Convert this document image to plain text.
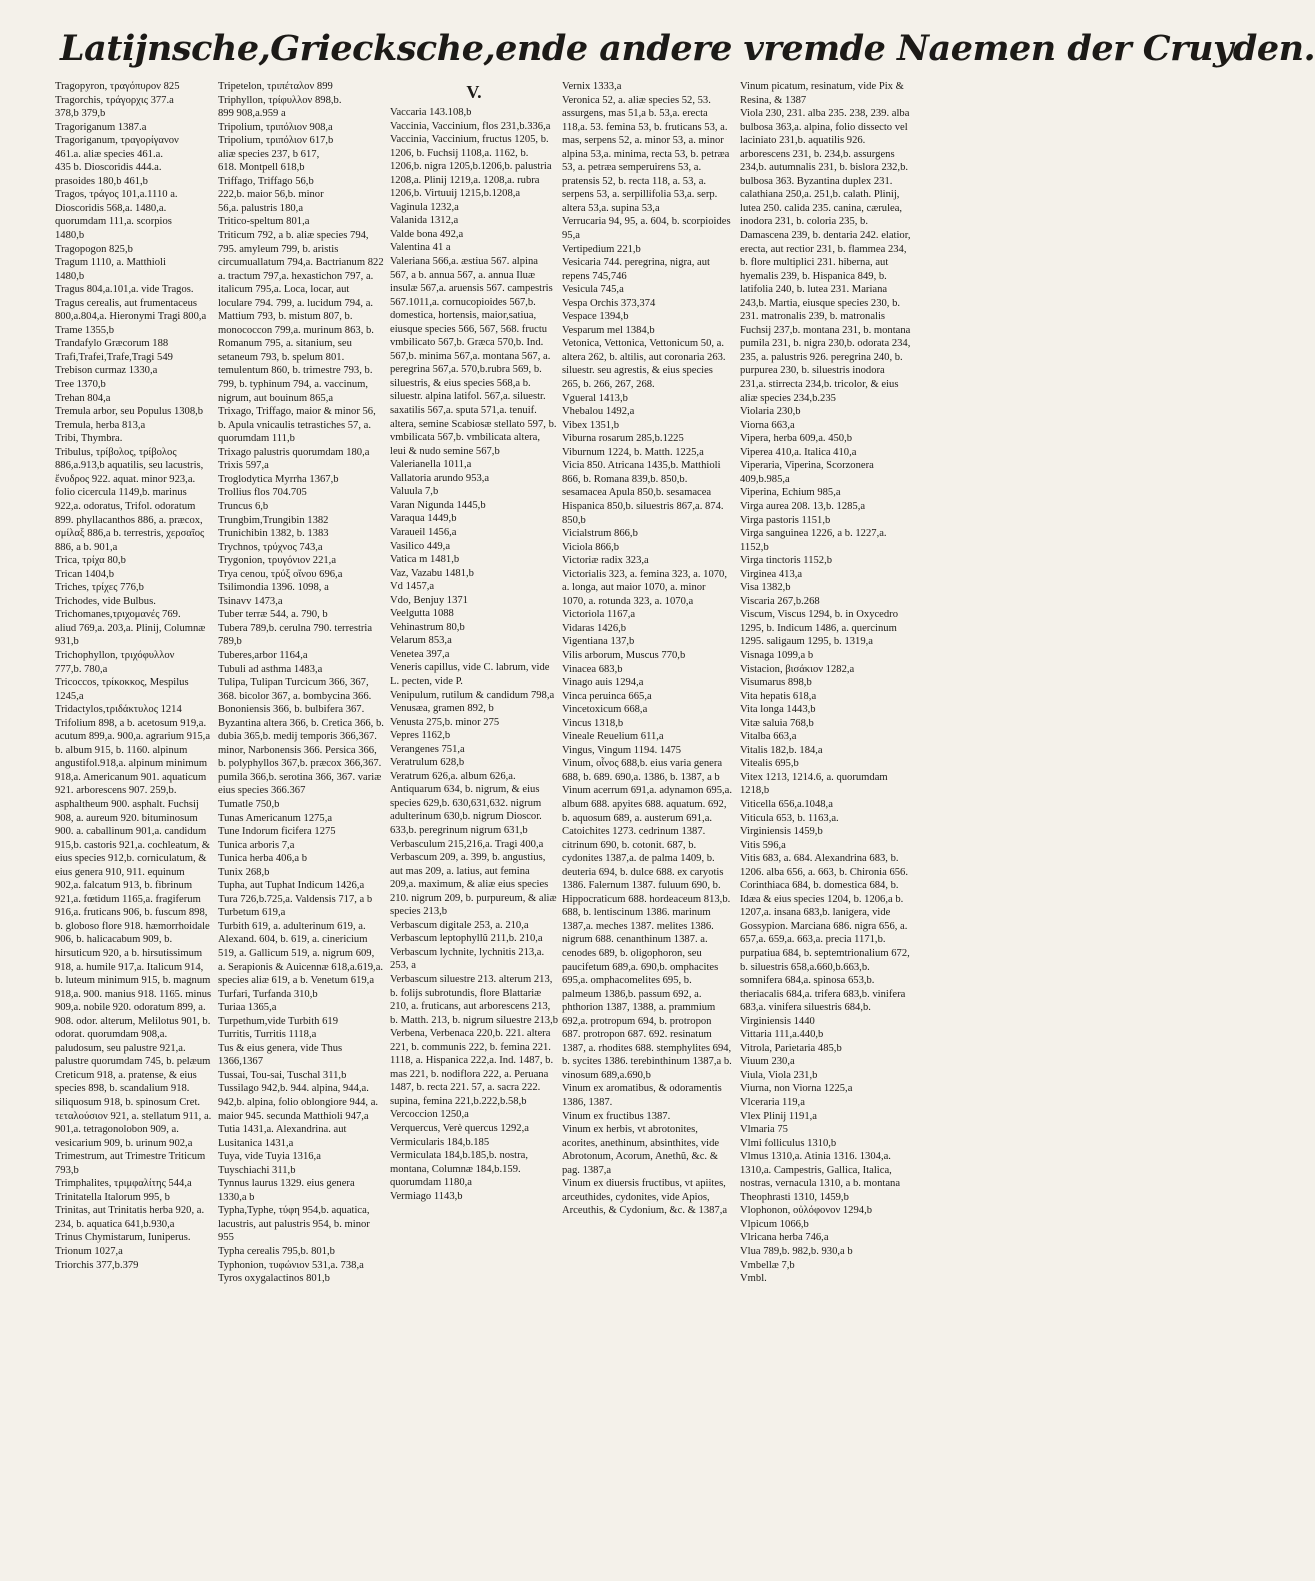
Latijnsche,Griecksche,ende andere vremde Naemen der Cruyden.

Tragopyron, τραγόπυρον 825

Tragorchis, τράγορχις 377.a

378,b 379,b

Tragoriganum 1387.a

Tragoriganum, τραγορίγανον

461.a. aliæ species 461.a.

435 b. Dioscoridis 444.a.

prasoides 180,b 461,b

Tragos, τράγος 101,a.1110 a.

Dioscoridis 568,a. 1480,a.

quorumdam 111,a. scorpios

1480,b

Tragopogon 825,b

Tragum 1110, a. Matthioli

1480,b

Tragus 804,a.101,a. vide Tragos.

Tragus cerealis, aut frumentaceus 800,a.804,a. Hieronymi Tragi 800,a

Trame 1355,b

Trandafylo Græcorum 188

Trafi,Trafei,Trafe,Tragi 549

Trebison curmaz 1330,a

Tree 1370,b

Trehan 804,a

Tremula arbor, seu Populus 1308,b

Tremula, herba 813,a

Tribi, Thymbra.

Tribulus, τρίβολος, τρίβολος

886,a.913,b aquatilis, seu lacustris, ἔνυδρος 922. aquat. minor 923,a. folio cicercula 1149,b. marinus 922,a. odoratus, Trifol. odoratum 899. phyllacanthos 886, a. præcox, σμίλαξ 886,a b. terrestris, χερσαῖος 886, a b. 901,a

Trica, τρίχα 80,b

Trican 1404,b

Triches, τρίχες 776,b

Trichodes, vide Bulbus.

Trichomanes,τριχομανές 769.

aliud 769,a. 203,a. Plinij, Columnæ 931,b

Trichophyllon, τριχόφυλλον

777,b. 780,a

Tricoccos, τρίκοκκος, Mespilus 1245,a

Tridactylos,τριδάκτυλος 1214

Trifolium 898, a b. acetosum 919,a. acutum 899,a. 900,a. agrarium 915,a b. album 915, b. 1160. alpinum angustifol.918,a. alpinum minimum 918,a. Americanum 901. aquaticum 921. arborescens 907. 259,b. asphaltheum 900. asphalt. Fuchsij 908, a. aureum 920. bituminosum 900. a. caballinum 901,a. candidum 915,b. castoris 921,a. cochleatum, & eius species 912,b. corniculatum, & eius genera 910, 911. equinum 902,a. falcatum 913, b. fibrinum 921,a. fœtidum 1165,a. fragiferum 916,a. fruticans 906, b. fuscum 898, b. globoso flore 918. hæmorrhoidale 906, b. halicacabum 909, b. hirsuticum 920, a b. hirsutissimum 918, a. humile 917,a. Italicum 914, b. luteum minimum 915, b. magnum 918,a. 900. manius 918. 1165. minus 909,a. nobile 920. odoratum 899, a. 908. odor. alterum, Melilotus 901, b. odorat. quorumdam 908,a. paludosum, seu palustre 921,a. palustre quorumdam 745, b. pelæum Creticum 918, a. pratense, & eius species 898, b. scandalium 918. siliquosum 918, b. spinosum Cret. τεταλούσιον 921, a. stellatum 911, a. 901,a. tetragonolobon 909, a. vesicarium 909, b. urinum 902,a

Trimestrum, aut Trimestre Triticum 793,b

Trimphalites, τριμφαλίτης 544,a

Trinitatella Italorum 995, b

Trinitas, aut Trinitatis herba 920, a. 234, b. aquatica 641,b.930,a

Trinus Chymistarum, Iuniperus.

Trionum 1027,a

Triorchis 377,b.379

Tripetelon, τριπέταλον 899

Triphyllon, τρίφυλλον 898,b.

899 908,a.959 a

Tripolium, τριπόλιον 908,a

Tripolium, τριπόλιον 617,b

aliæ species 237, b 617,

618. Montpell 618,b

Triffago, Triffago 56,b

222,b. maior 56,b. minor

56,a. palustris 180,a

Tritico-speltum 801,a

Triticum 792, a b. aliæ species 794, 795. amyleum 799, b. aristis circumuallatum 794,a. Bactrianum 822 a. tractum 797,a. hexastichon 797, a. italicum 795,a. Loca, locar, aut loculare 794. 799, a. lucidum 794, a. Mattium 793, b. mistum 807, b. monococcon 799,a. murinum 863, b. Romanum 795, a. sitanium, seu setaneum 793, b. spelum 801. temulentum 860, b. trimestre 793, b. 799, b. typhinum 794, a. vaccinum, nigrum, aut bouinum 865,a

Trixago, Triffago, maior & minor 56, b. Apula vnicaulis tetrastiches 57, a. quorumdam 111,b

Trixago palustris quorumdam 180,a

Trixis 597,a

Troglodytica Myrrha 1367,b

Trollius flos 704.705

Truncus 6,b

Trungbim,Trungibin 1382

Trunichibin 1382, b. 1383

Trychnos, τρύχνος 743,a

Trygonion, τρυγόνιον 221,a

Trya cenou, τρύξ οἴνου 696,a

Tsilimondia 1396. 1098, a

Tsinavv 1473,a

Tuber terræ 544, a. 790, b

Tubera 789,b. cerulna 790. terrestria 789,b

Tuberes,arbor 1164,a

Tubuli ad asthma 1483,a

Tulipa, Tulipan Turcicum 366, 367, 368. bicolor 367, a. bombycina 366. Bononiensis 366, b. bulbifera 367. Byzantina altera 366, b. Cretica 366, b. dubia 365,b. medij temporis 366,367. minor, Narbonensis 366. Persica 366, b. polyphyllos 367,b. præcox 366,367. pumila 366,b. serotina 366, 367. variæ eius species 366.367

Tumatle 750,b

Tunas Americanum 1275,a

Tune Indorum ficifera 1275

Tunica arboris 7,a

Tunica herba 406,a b

Tunix 268,b

Tupha, aut Tuphat Indicum 1426,a

Tura 726,b.725,a. Valdensis 717, a b

Turbetum 619,a

Turbith 619, a. adulterinum 619, a. Alexand. 604, b. 619, a. cinericium 519, a. Gallicum 519, a. nigrum 609, a. Serapionis & Auicennæ 618,a.619,a. species aliæ 619, a b. Venetum 619,a

Turfari, Turfanda 310,b

Turiaa 1365,a

Turpethum,vide Turbith 619

Turritis, Turritis 1118,a

Tus & eius genera, vide Thus 1366,1367

Tussai, Tou-sai, Tuschal 311,b

Tussilago 942,b. 944. alpina, 944,a. 942,b. alpina, folio oblongiore 944, a. maior 945. secunda Matthioli 947,a

Tutia 1431,a. Alexandrina. aut Lusitanica 1431,a

Tuya, vide Tuyia 1316,a

Tuyschiachi 311,b

Tynnus laurus 1329. eius genera 1330,a b

Typha,Typhe, τύφη 954,b. aquatica, lacustris, aut palustris 954, b. minor 955

Typha cerealis 795,b. 801,b

Typhonion, τυφώνιον 531,a. 738,a

Tyros oxygalactinos 801,b

V.

Vaccaria 143.108,b

Vaccinia, Vaccinium, flos 231,b.336,a

Vaccinia, Vaccinium, fructus 1205, b. 1206, b. Fuchsij 1108,a. 1162, b. 1206,b. nigra 1205,b.1206,b. palustria 1208,a. Plinij 1219,a. 1208,a. rubra 1206,b. Virtuuij 1215,b.1208,a

Vaginula 1232,a

Valanida 1312,a

Valde bona 492,a

Valentina 41 a

Valeriana 566,a. æstiua 567. alpina 567, a b. annua 567, a. annua Iluæ insulæ 567,a. aruensis 567. campestris 567.1011,a. cornucopioides 567,b. domestica, hortensis, maior,satiua, eiusque species 566, 567, 568. fructu vmbilicato 567,b. Græca 570,b. Ind. 567,b. minima 567,a. montana 567, a. peregrina 567,a. 570,b.rubra 569, b. siluestris, & eius species 568,a b. siluestr. alpina latifol. 567,a. siluestr. saxatilis 567,a. sputa 571,a. tenuif. altera, semine Scabiosæ stellato 597, b. vmbilicata 567,b. vmbilicata altera, leui & nudo semine 567,b

Valerianella 1011,a

Vallatoria arundo 953,a

Valuula 7,b

Varan Nigunda 1445,b

Varaqua 1449,b

Varaueil 1456,a

Vasilico 449,a

Vatica m 1481,b

Vaz, Vazabu 1481,b

Vd 1457,a

Vdo, Benjuy 1371

Veelgutta 1088

Vehinastrum 80,b

Velarum 853,a

Venetea 397,a

Veneris capillus, vide C. labrum, vide L. pecten, vide P.

Venipulum, rutilum & candidum 798,a

Venusæa, gramen 892, b

Venusta 275,b. minor 275

Vepres 1162,b

Verangenes 751,a

Veratrulum 628,b

Veratrum 626,a. album 626,a. Antiquarum 634, b. nigrum, & eius species 629,b. 630,631,632. nigrum adulterinum 630,b. nigrum Dioscor. 633,b. peregrinum nigrum 631,b

Verbasculum 215,216,a. Tragi 400,a

Verbascum 209, a. 399, b. angustius, aut mas 209, a. latius, aut femina 209,a. maximum, & aliæ eius species 210. nigrum 209, b. purpureum, & aliæ species 213,b

Verbascum digitale 253, a. 210,a

Verbascum leptophyllũ 211,b. 210,a

Verbascum lychnite, lychnitis 213,a. 253, a

Verbascum siluestre 213. alterum 213, b. folijs subrotundis, flore Blattariæ 210, a. fruticans, aut arborescens 213, b. Matth. 213, b. nigrum siluestre 213,b

Verbena, Verbenaca 220,b. 221. altera 221, b. communis 222, b. femina 221. 1118, a. Hispanica 222,a. Ind. 1487, b. mas 221, b. nodiflora 222, a. Peruana 1487, b. recta 221. 57, a. sacra 222. supina, femina 221,b.222,b.58,b

Vercoccion 1250,a

Verquercus, Verè quercus 1292,a

Vermicularis 184,b.185

Vermiculata 184,b.185,b. nostra, montana, Columnæ 184,b.159. quorumdam 1180,a

Vermiago 1143,b

Vernix 1333,a

Veronica 52, a. aliæ species 52, 53. assurgens, mas 51,a b. 53,a. erecta 118,a. 53. femina 53, b. fruticans 53, a. mas, serpens 52, a. minor 53, a. minor alpina 53,a. minima, recta 53, b. petræa 53, a. petræa semperuirens 53, a. pratensis 52, b. recta 118, a. 53, a. serpens 53, a. serpillifolia 53,a. serp. altera 53,a. supina 53,a

Verrucaria 94, 95, a. 604, b. scorpioides 95,a

Vertipedium 221,b

Vesicaria 744. peregrina, nigra, aut repens 745,746

Vesicula 745,a

Vespa Orchis 373,374

Vespace 1394,b

Vesparum mel 1384,b

Vetonica, Vettonica, Vettonicum 50, a. altera 262, b. altilis, aut coronaria 263. siluestr. seu agrestis, & eius species 265, b. 266, 267, 268.

Vgueral 1413,b

Vhebalou 1492,a

Vibex 1351,b

Viburna rosarum 285,b.1225

Viburnum 1224, b. Matth. 1225,a

Vicia 850. Atricana 1435,b. Matthioli 866, b. Romana 839,b. 850,b. sesamacea Apula 850,b. sesamacea Hispanica 850,b. siluestris 867,a. 874. 850,b

Vicialstrum 866,b

Viciola 866,b

Victoriæ radix 323,a

Victorialis 323, a. femina 323, a. 1070, a. longa, aut maior 1070, a. minor 1070, a. rotunda 323, a. 1070,a

Victoriola 1167,a

Vidaras 1426,b

Vigentiana 137,b

Vilis arborum, Muscus 770,b

Vinacea 683,b

Vinago auis 1294,a

Vinca peruinca 665,a

Vincetoxicum 668,a

Vincus 1318,b

Vineale Reuelium 611,a

Vingus, Vingum 1194. 1475

Vinum, οἶνος 688,b. eius varia genera 688, b. 689. 690,a. 1386, b. 1387, a b

Vinum acerrum 691,a. adynamon 695,a. album 688. apyites 688. aquatum. 692, b. aquosum 689, a. austerum 691,a. Catoichites 1273. cedrinum 1387. citrinum 690, b. cotonit. 687, b. cydonites 1387,a. de palma 1409, b. deuteria 694, b. dulce 688. ex caryotis 1386. Falernum 1387. fuluum 690, b. Hippocraticum 688. hordeaceum 813,b. 688, b. lentiscinum 1386. marinum 1387,a. meches 1387. melites 1386. nigrum 688. cenanthinum 1387. a. cenodes 689, b. oligophoron, seu paucifetum 689,a. 690,b. omphacites 695,a. omphacomelites 695, b. palmeum 1386,b. passum 692, a. phthorion 1387, 1388, a. prammium 692,a. protropum 694, b. protropon 687. protropon 687. 692. resinatum 1387, a. rhodites 688. stemphylites 694, b. sycites 1386. terebinthinum 1387,a b. vinosum 689,a.690,b

Vinum ex aromatibus, & odoramentis 1386, 1387.

Vinum ex fructibus 1387.

Vinum ex herbis, vt abrotonites, acorites, anethinum, absinthites, vide Abrotonum, Acorum, Anethũ, &c. & pag. 1387,a

Vinum ex diuersis fructibus, vt apiites, arceuthides, cydonites, vide Apios, Arceuthis, & Cydonium, &c. & 1387,a

Vinum picatum, resinatum, vide Pix & Resina, & 1387

Viola 230, 231. alba 235. 238, 239. alba bulbosa 363,a. alpina, folio dissecto vel laciniato 231,b. aquatilis 926. arborescens 231, b. 234,b. assurgens 234,b. autumnalis 231, b. bislora 232,b. bulbosa 363. Byzantina duplex 231. calathiana 250,a. 251,b. calath. Plinij, lutea 250. calida 235. canina, cærulea, inodora 231, b. coloria 235, b. Damascena 239, b. dentaria 242. elatior, erecta, aut rectior 231, b. flammea 234, b. flore multiplici 231. hiberna, aut hyemalis 239, b. Hispanica 849, b. latifolia 240, b. lutea 231. Mariana 243,b. Martia, eiusque species 230, b. 231. matronalis 239, b. matronalis Fuchsij 237,b. montana 231, b. montana pumila 231, b. nigra 230,b. odorata 234, 235, a. palustris 926. peregrina 240, b. purpurea 230, b. siluestris inodora 231,a. stirrecta 234,b. tricolor, & eius aliæ species 234,b.235

Violaria 230,b

Viorna 663,a

Vipera, herba 609,a. 450,b

Viperea 410,a. Italica 410,a

Viperaria, Viperina, Scorzonera 409,b.985,a

Viperina, Echium 985,a

Virga aurea 208. 13,b. 1285,a

Virga pastoris 1151,b

Virga sanguinea 1226, a b. 1227,a. 1152,b

Virga tinctoris 1152,b

Virginea 413,a

Visa 1382,b

Viscaria 267,b.268

Viscum, Viscus 1294, b. in Oxycedro 1295, b. Indicum 1486, a. quercinum 1295. saligaum 1295, b. 1319,a

Visnaga 1099,a b

Vistacion, βισάκιον 1282,a

Visumarus 898,b

Vita hepatis 618,a

Vita longa 1443,b

Vitæ saluia 768,b

Vitalba 663,a

Vitalis 182,b. 184,a

Vitealis 695,b

Vitex 1213, 1214.6, a. quorumdam 1218,b

Viticella 656,a.1048,a

Viticula 653, b. 1163,a.

Virginiensis 1459,b

Vitis 596,a

Vitis 683, a. 684. Alexandrina 683, b. 1206. alba 656, a. 663, b. Chironia 656. Corinthiaca 684, b. domestica 684, b. Idæa & eius species 1204, b. 1206,a b. 1207,a. insana 683,b. lanigera, vide Gossypion. Marciana 686. nigra 656, a. 657,a. 659,a. 663,a. precia 1171,b. purpatiua 684, b. septemtrionalium 672, b. siluestris 658,a.660,b.663,b. somnifera 684,a. spinosa 653,b. theriacalis 684,a. trifera 683,b. vinifera 683,a. vinifera siluestris 684,b. Virginiensis 1440

Vittaria 111,a.440,b

Vitrola, Parietaria 485,b

Viuum 230,a

Viula, Viola 231,b

Viurna, non Viorna 1225,a

Vlceraria 119,a

Vlex Plinij 1191,a

Vlmaria 75

Vlmi folliculus 1310,b

Vlmus 1310,a. Atinia 1316. 1304,a. 1310,a. Campestris, Gallica, Italica, nostras, vernacula 1310, a b. montana Theophrasti 1310, 1459,b

Vlophonon, οὐλόφονον 1294,b

Vlpicum 1066,b

Vlricana herba 746,a

Vlua 789,b. 982,b. 930,a b

Vmbellæ 7,b

Vmbl.
